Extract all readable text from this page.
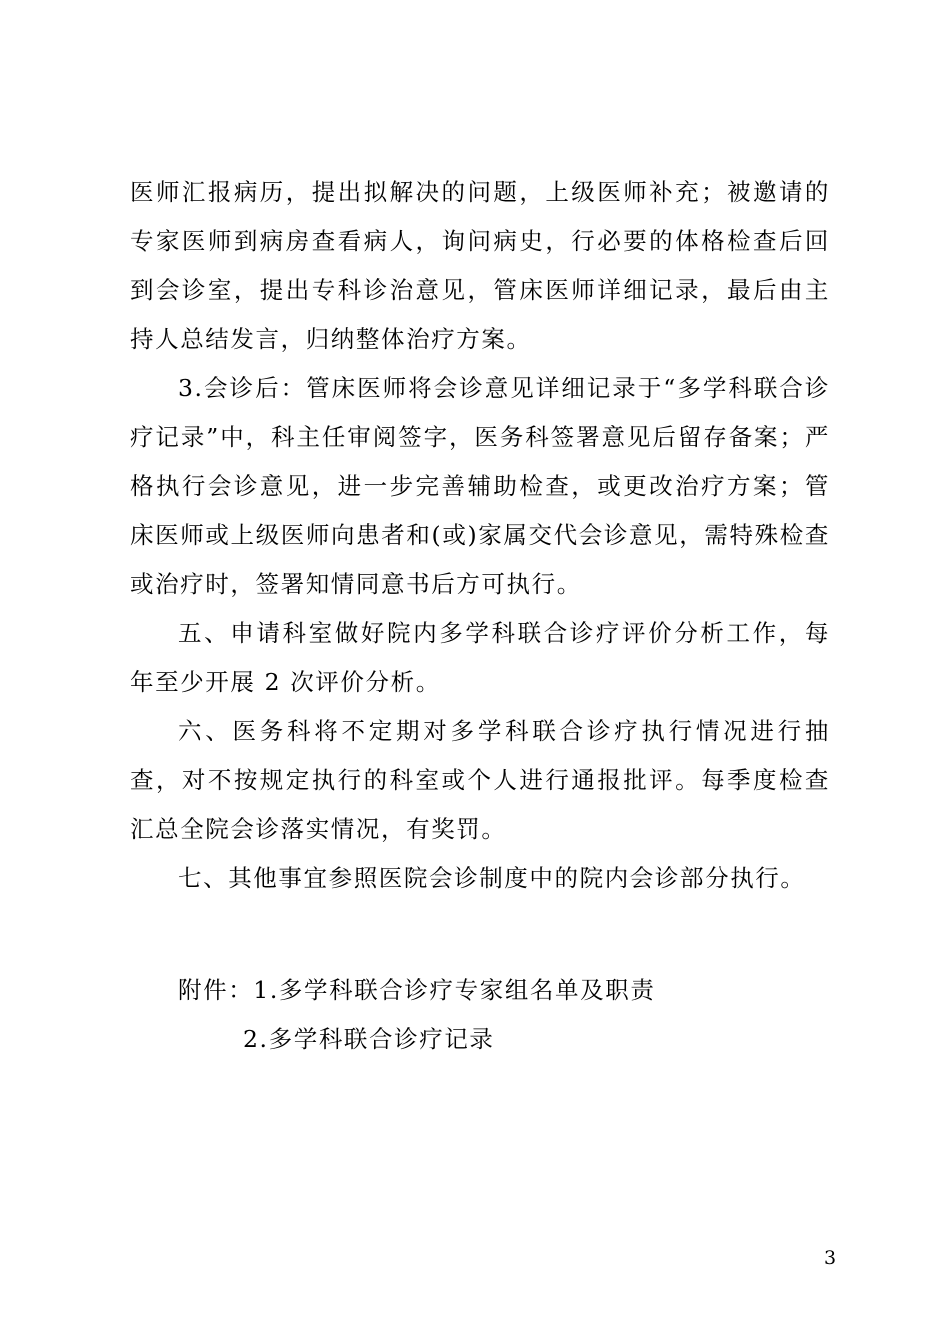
医师汇报病历，提出拟解决的问题，上级医师补充；被邀请的专家医师到病房查看病人，询问病史，行必要的体格检查后回到会诊室，提出专科诊治意见，管床医师详细记录，最后由主持人总结发言，归纳整体治疗方案。

3.会诊后：管床医师将会诊意见详细记录于“多学科联合诊疗记录”中，科主任审阅签字，医务科签署意见后留存备案；严格执行会诊意见，进一步完善辅助检查，或更改治疗方案；管床医师或上级医师向患者和(或)家属交代会诊意见，需特殊检查或治疗时，签署知情同意书后方可执行。

五、申请科室做好院内多学科联合诊疗评价分析工作，每年至少开展 2 次评价分析。

六、医务科将不定期对多学科联合诊疗执行情况进行抽查，对不按规定执行的科室或个人进行通报批评。每季度检查汇总全院会诊落实情况，有奖罚。

七、其他事宜参照医院会诊制度中的院内会诊部分执行。

附件：1.多学科联合诊疗专家组名单及职责

2.多学科联合诊疗记录

3
